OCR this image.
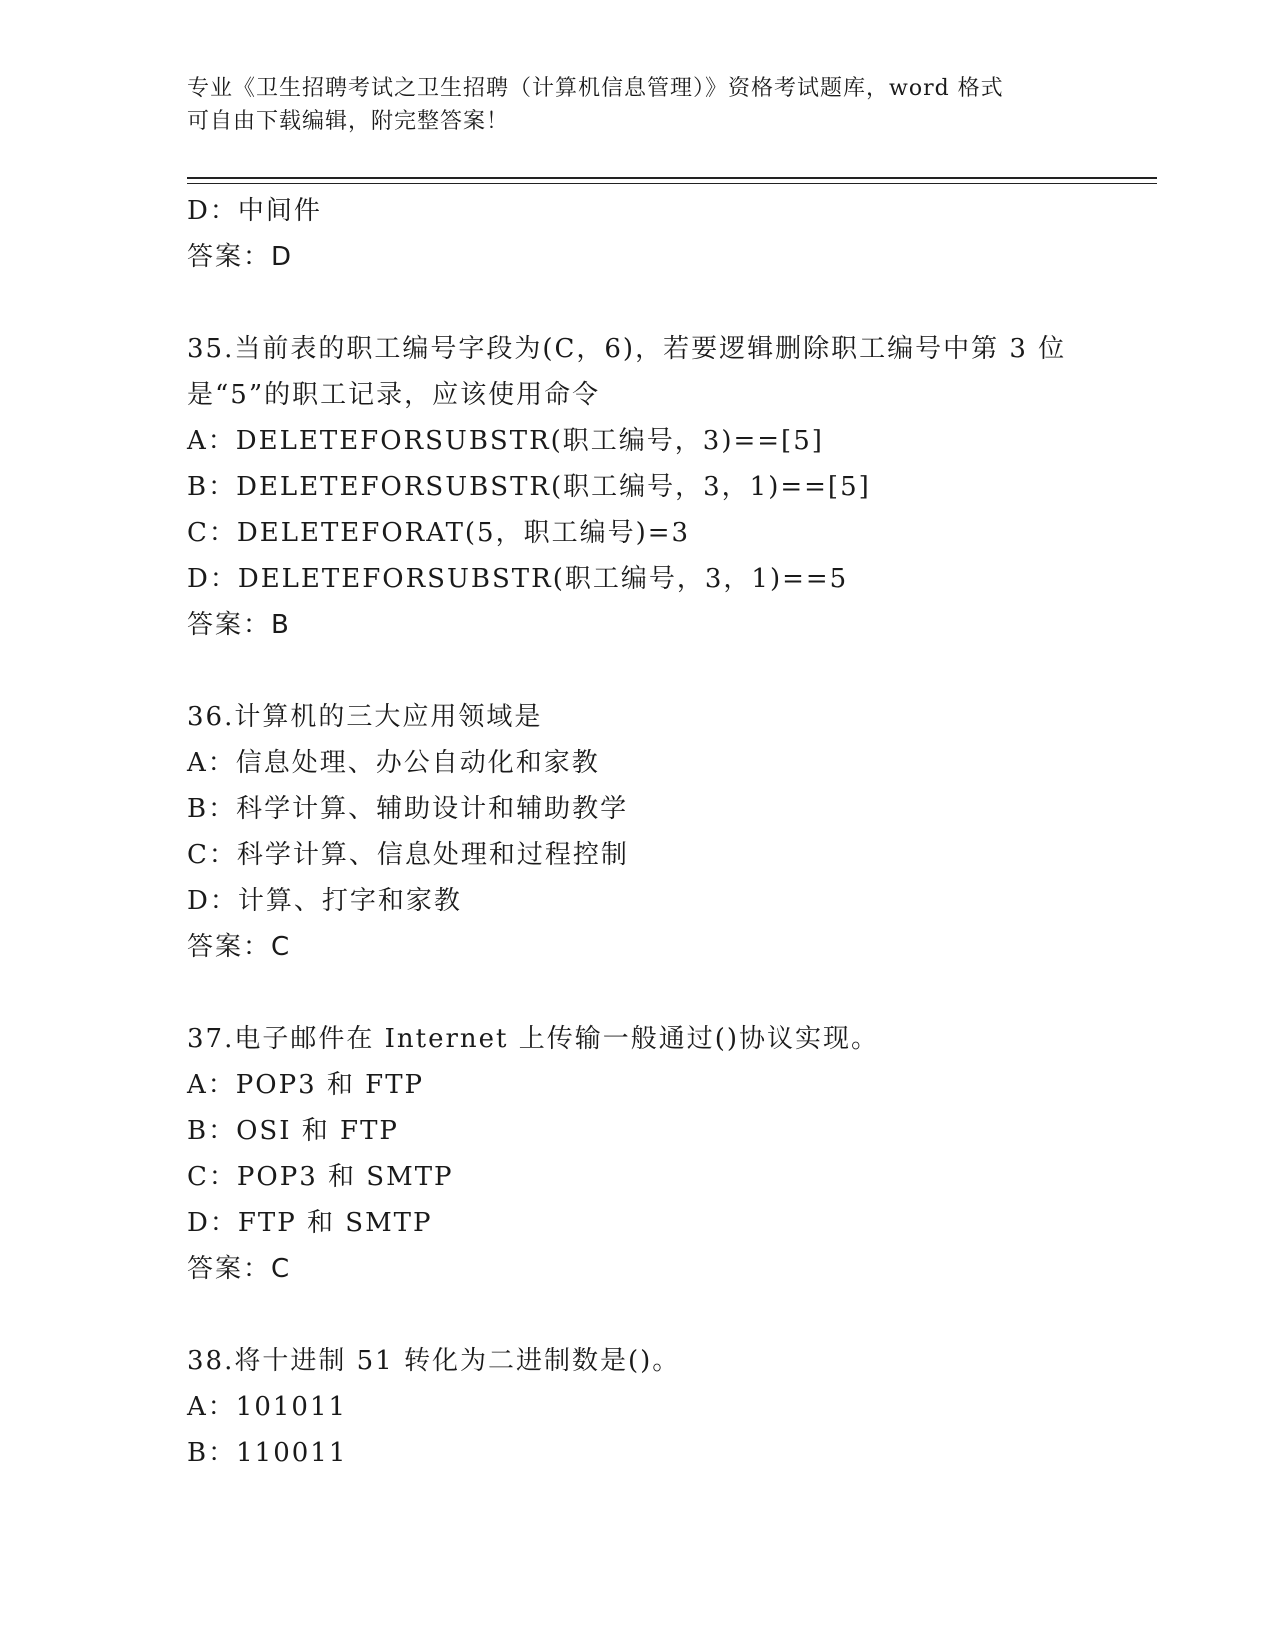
专业《卫生招聘考试之卫生招聘（计算机信息管理）》资格考试题库，word 格式
可自由下载编辑，附完整答案！
D：中间件
答案：D
35.当前表的职工编号字段为(C，6)，若要逻辑删除职工编号中第 3 位
是“5”的职工记录，应该使用命令
A：DELETEFORSUBSTR(职工编号，3)==[5]
B：DELETEFORSUBSTR(职工编号，3，1)==[5]
C：DELETEFORAT(5，职工编号)=3
D：DELETEFORSUBSTR(职工编号，3，1)==5
答案：B
36.计算机的三大应用领域是
A：信息处理、办公自动化和家教
B：科学计算、辅助设计和辅助教学
C：科学计算、信息处理和过程控制
D：计算、打字和家教
答案：C
37.电子邮件在 Internet 上传输一般通过()协议实现。
A：POP3 和 FTP
B：OSI 和 FTP
C：POP3 和 SMTP
D：FTP 和 SMTP
答案：C
38.将十进制 51 转化为二进制数是()。
A：101011
B：110011
